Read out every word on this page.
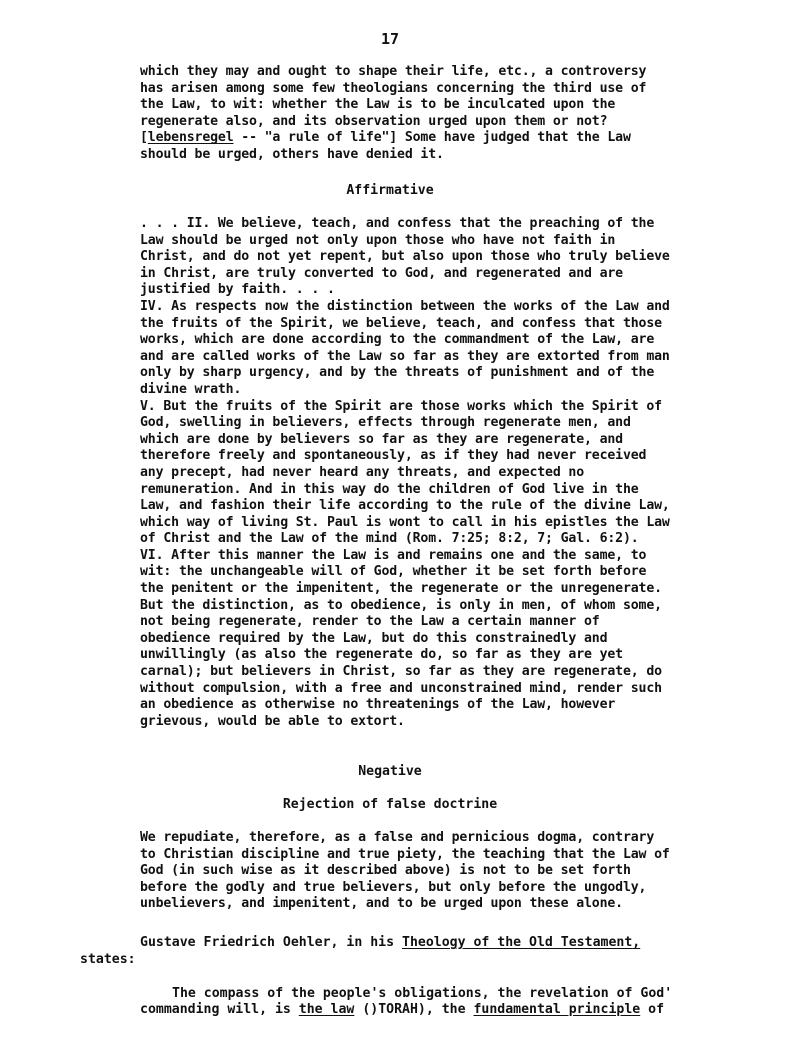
17
which they may and ought to shape their life, etc., a controversy
has arisen among some few theologians concerning the third use of
the Law, to wit: whether the Law is to be inculcated upon the
regenerate also, and its observation urged upon them or not?
[lebensregel -- "a rule of life"] Some have judged that the Law
should be urged, others have denied it.
Affirmative
. . . II. We believe, teach, and confess that the preaching of the
Law should be urged not only upon those who have not faith in
Christ, and do not yet repent, but also upon those who truly believe
in Christ, are truly converted to God, and regenerated and are
justified by faith. . . .
IV. As respects now the distinction between the works of the Law and
the fruits of the Spirit, we believe, teach, and confess that those
works, which are done according to the commandment of the Law, are
and are called works of the Law so far as they are extorted from man
only by sharp urgency, and by the threats of punishment and of the
divine wrath.
V. But the fruits of the Spirit are those works which the Spirit of
God, swelling in believers, effects through regenerate men, and
which are done by believers so far as they are regenerate, and
therefore freely and spontaneously, as if they had never received
any precept, had never heard any threats, and expected no
remuneration. And in this way do the children of God live in the
Law, and fashion their life according to the rule of the divine Law,
which way of living St. Paul is wont to call in his epistles the Law
of Christ and the Law of the mind (Rom. 7:25; 8:2, 7; Gal. 6:2).
VI. After this manner the Law is and remains one and the same, to
wit: the unchangeable will of God, whether it be set forth before
the penitent or the impenitent, the regenerate or the unregenerate.
But the distinction, as to obedience, is only in men, of whom some,
not being regenerate, render to the Law a certain manner of
obedience required by the Law, but do this constrainedly and
unwillingly (as also the regenerate do, so far as they are yet
carnal); but believers in Christ, so far as they are regenerate, do
without compulsion, with a free and unconstrained mind, render such
an obedience as otherwise no threatenings of the Law, however
grievous, would be able to extort.
Negative
Rejection of false doctrine
We repudiate, therefore, as a false and pernicious dogma, contrary
to Christian discipline and true piety, the teaching that the Law of
God (in such wise as it described above) is not to be set forth
before the godly and true believers, but only before the ungodly,
unbelievers, and impenitent, and to be urged upon these alone.
Gustave Friedrich Oehler, in his Theology of the Old Testament,
states:
The compass of the people's obligations, the revelation of God'
commanding will, is the law ()TORAH), the fundamental principle of
